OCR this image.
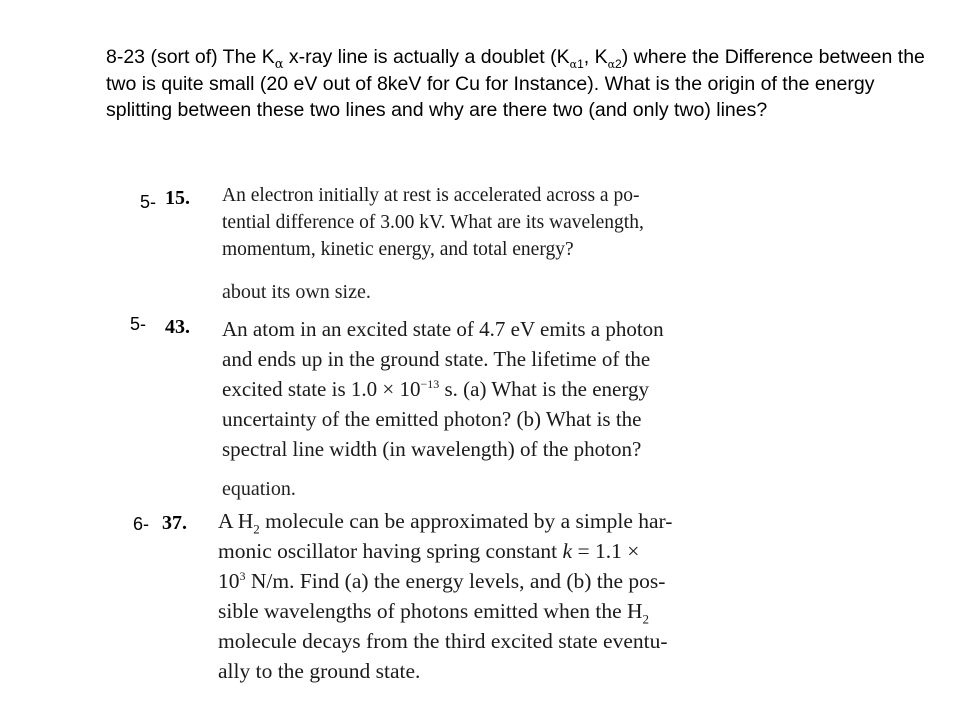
8-23 (sort of) The $K_\alpha$ x-ray line is actually a doublet ($K_{\alpha 1}$, $K_{\alpha 2}$) where the Difference between the two is quite small (20 eV out of 8keV for Cu for Instance). What is the origin of the energy splitting between these two lines and why are there two (and only two) lines?
5- 15. An electron initially at rest is accelerated across a po-
tential difference of 3.00 kV. What are its wavelength,
momentum, kinetic energy, and total energy?
about its own size.
5- 43. An atom in an excited state of 4.7 eV emits a photon
and ends up in the ground state. The lifetime of the
excited state is $1.0 \times 10^{-13}$ s. (a) What is the energy
uncertainty of the emitted photon? (b) What is the
spectral line width (in wavelength) of the photon?
equation.
6- 37. A $H_2$ molecule can be approximated by a simple har-
monic oscillator having spring constant k = 1.1 ×
$10^3$ N/m. Find (a) the energy levels, and (b) the pos-
sible wavelengths of photons emitted when the $H_2$
molecule decays from the third excited state eventu-
ally to the ground state.
